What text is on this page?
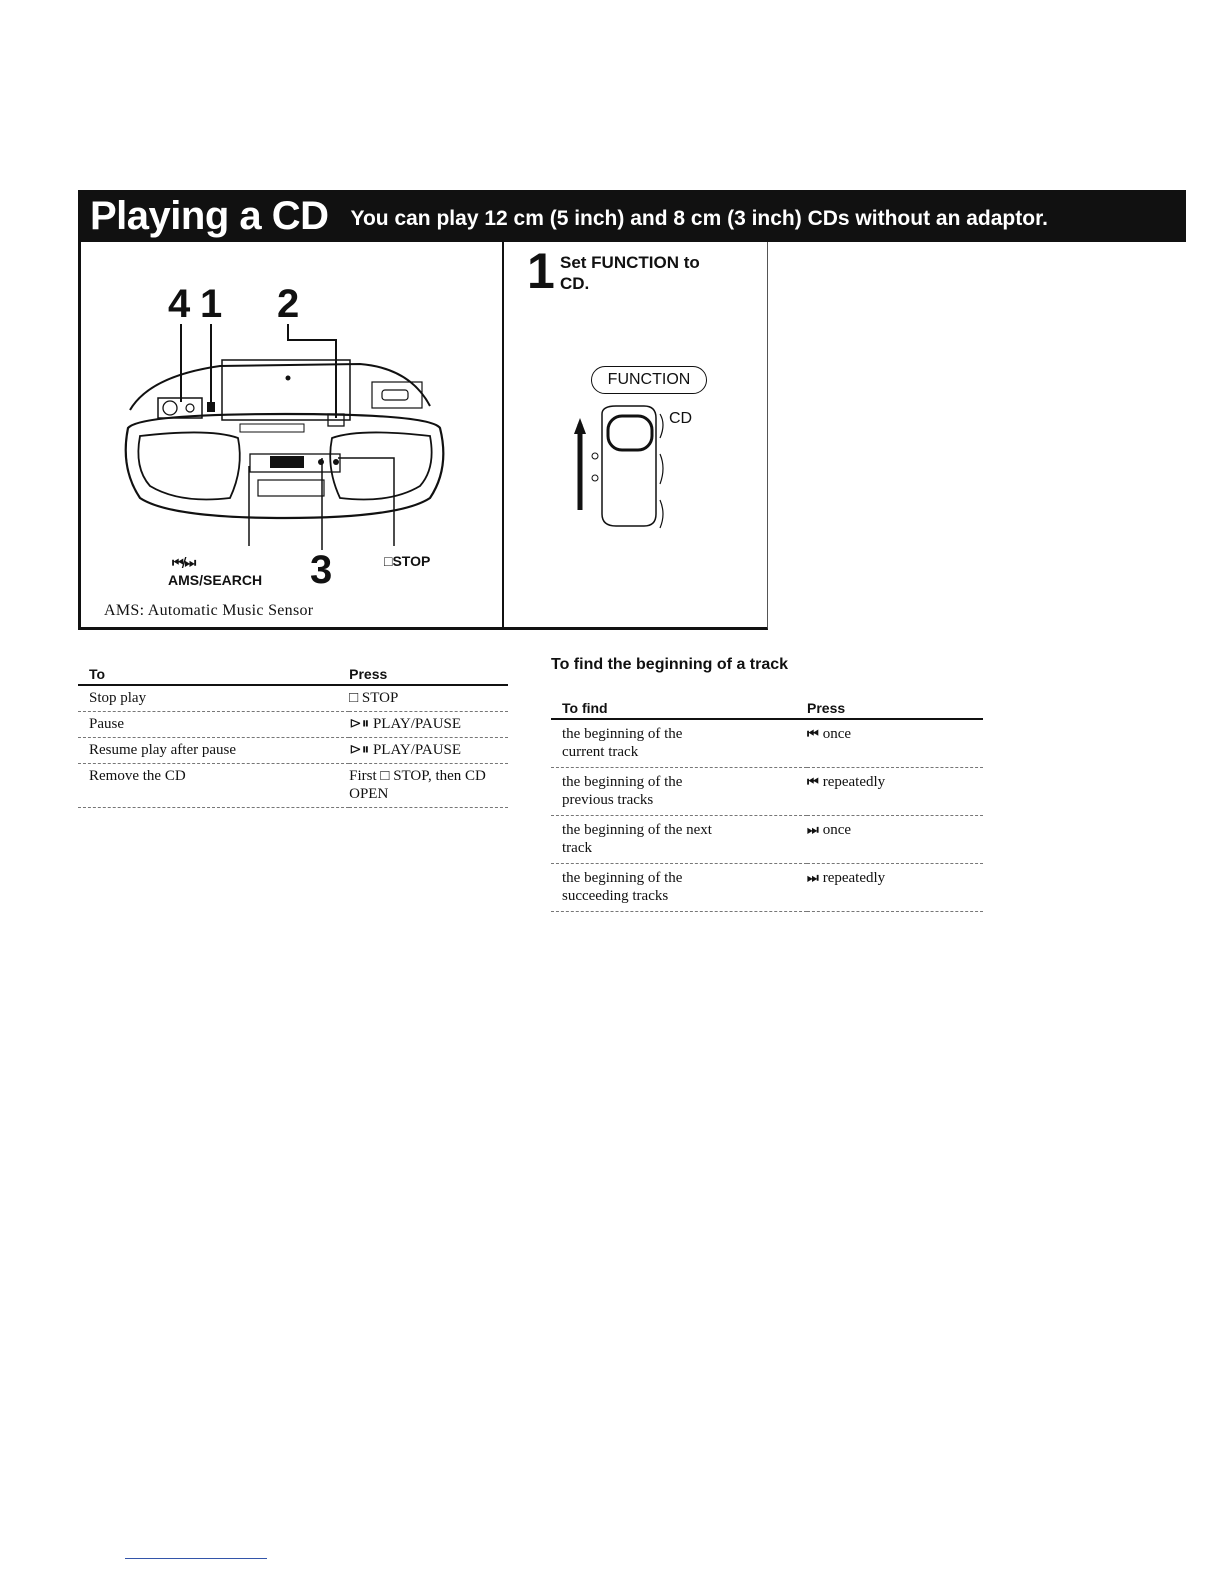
Playing a CD You can play 12 cm (5 inch) and 8 cm (3 inch) CDs without an adaptor.
4 1 2
⏮/⏭
AMS/SEARCH 3	□STOP
AMS: Automatic Music Sensor
1 Set FUNCTION to CD.
FUNCTION
CD
To	Press
Stop play	□ STOP
Pause	⊳⏸ PLAY/PAUSE
Resume play after pause	⊳⏸ PLAY/PAUSE
Remove the CD	First □ STOP, then CD OPEN
To find the beginning of a track
To find	Press
the beginning of the current track	⏮ once
the beginning of the previous tracks	⏮ repeatedly
the beginning of the next track	⏭ once
the beginning of the succeeding tracks	⏭ repeatedly
